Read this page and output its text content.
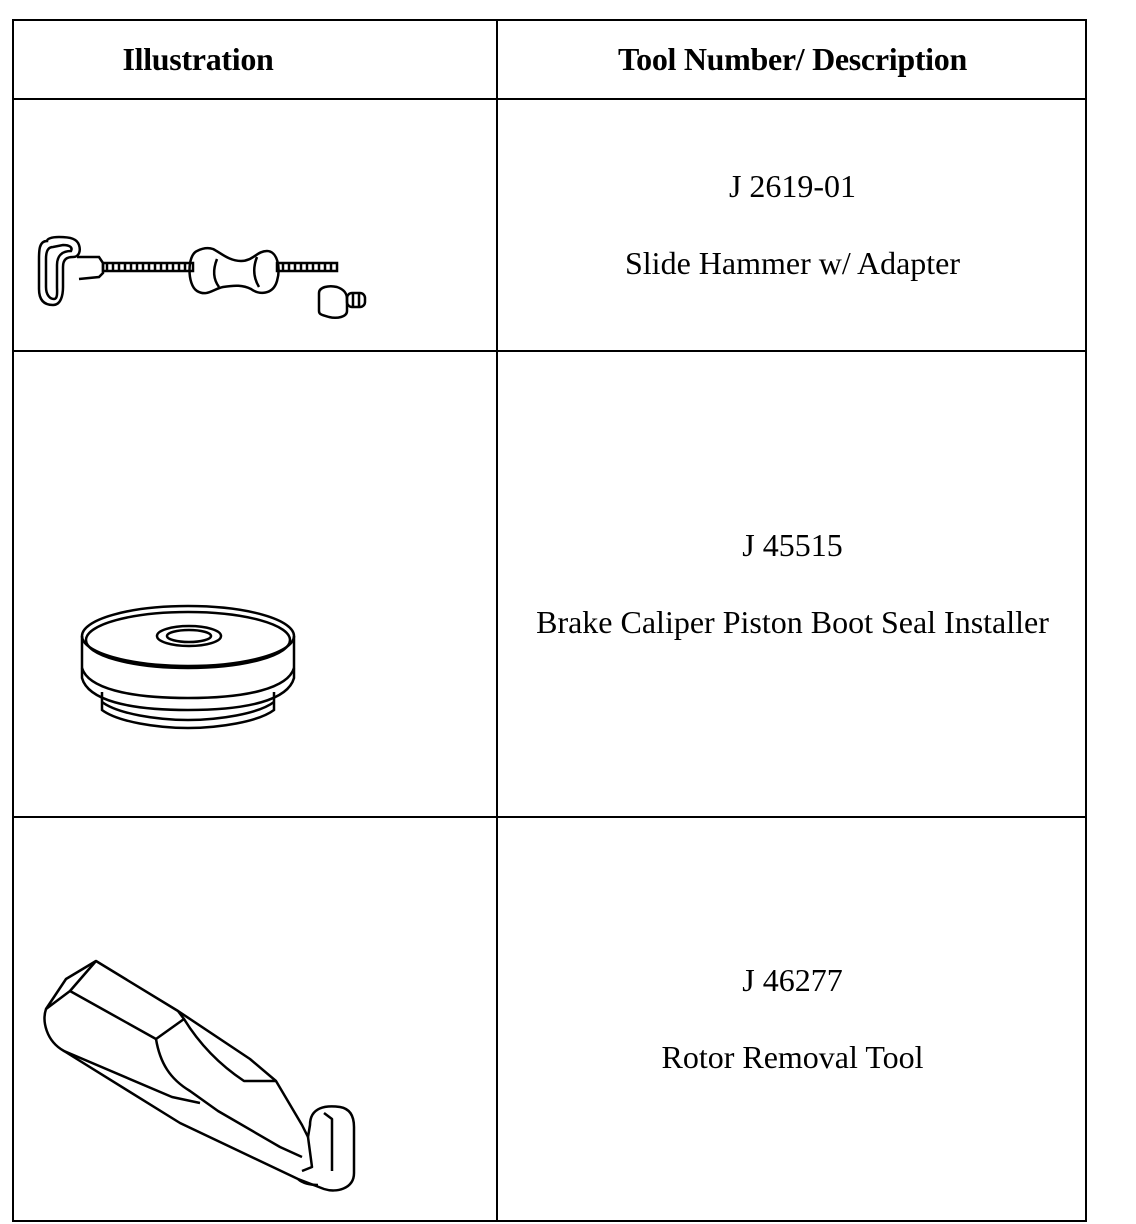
Illustration	Tool Number/ Description
J 2619-01
Slide Hammer w/ Adapter
J 45515
Brake Caliper Piston Boot Seal Installer
J 46277
Rotor Removal Tool
